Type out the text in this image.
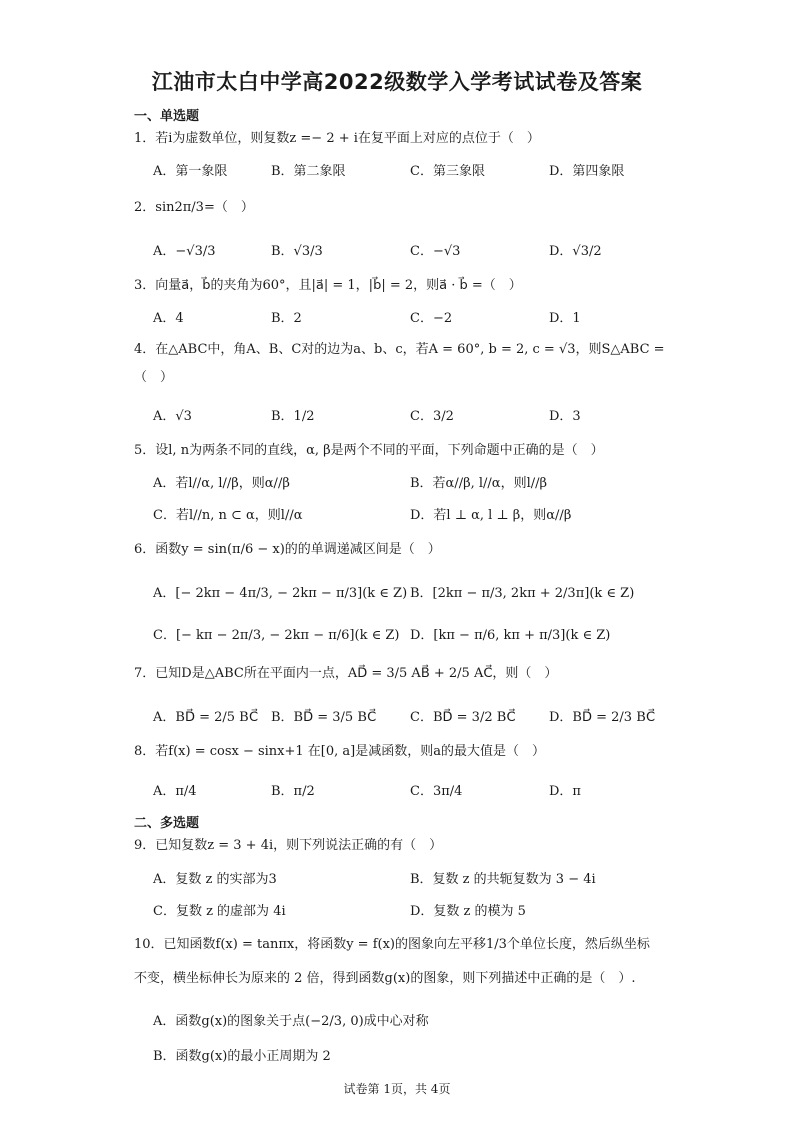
江油市太白中学高2022级数学入学考试试卷及答案
一、单选题
1．若i为虚数单位，则复数z =− 2 + i在复平面上对应的点位于（　）
A．第一象限	B．第二象限	C．第三象限	D．第四象限
2．sin2π/3=（　）
A．−√3/3	B．√3/3	C．−√3	D．√3/2
3．向量a⃗，b⃗的夹角为60°，且|a⃗| = 1，|b⃗| = 2，则a⃗ · b⃗ =（　）
A．4	B．2	C．−2	D．1
4．在△ABC中，角A、B、C对的边为a、b、c，若A = 60°, b = 2, c = √3，则S△ABC =
（　）
A．√3	B．1/2	C．3/2	D．3
5．设l, n为两条不同的直线，α, β是两个不同的平面，下列命题中正确的是（　）
A．若l//α, l//β，则α//β	B．若α//β, l//α，则l//β
C．若l//n, n ⊂ α，则l//α	D．若l ⊥ α, l ⊥ β，则α//β
6．函数y = sin(π/6 − x)的的单调递减区间是（　）
A．[− 2kπ − 4π/3, − 2kπ − π/3](k ∈ Z) B．[2kπ − π/3, 2kπ + 2/3π](k ∈ Z)
C．[− kπ − 2π/3, − 2kπ − π/6](k ∈ Z) D．[kπ − π/6, kπ + π/3](k ∈ Z)
7．已知D是△ABC所在平面内一点，AD⃗ = 3/5 AB⃗ + 2/5 AC⃗，则（　）
A．BD⃗ = 2/5 BC⃗ B．BD⃗ = 3/5 BC⃗	C．BD⃗ = 3/2 BC⃗	D．BD⃗ = 2/3 BC⃗
8．若f(x) = cosx − sinx+1 在[0, a]是减函数，则a的最大值是（　）
A．π/4	B．π/2	C．3π/4	D．π
二、多选题
9．已知复数z = 3 + 4i，则下列说法正确的有（　）
A．复数 z 的实部为3	B．复数 z 的共轭复数为 3 − 4i
C．复数 z 的虚部为 4i	D．复数 z 的模为 5
10．已知函数f(x) = tanπx，将函数y = f(x)的图象向左平移1/3个单位长度，然后纵坐标
不变，横坐标伸长为原来的 2 倍，得到函数g(x)的图象，则下列描述中正确的是（　）.
A．函数g(x)的图象关于点(−2/3, 0)成中心对称
B．函数g(x)的最小正周期为 2
试卷第 1页，共 4页
